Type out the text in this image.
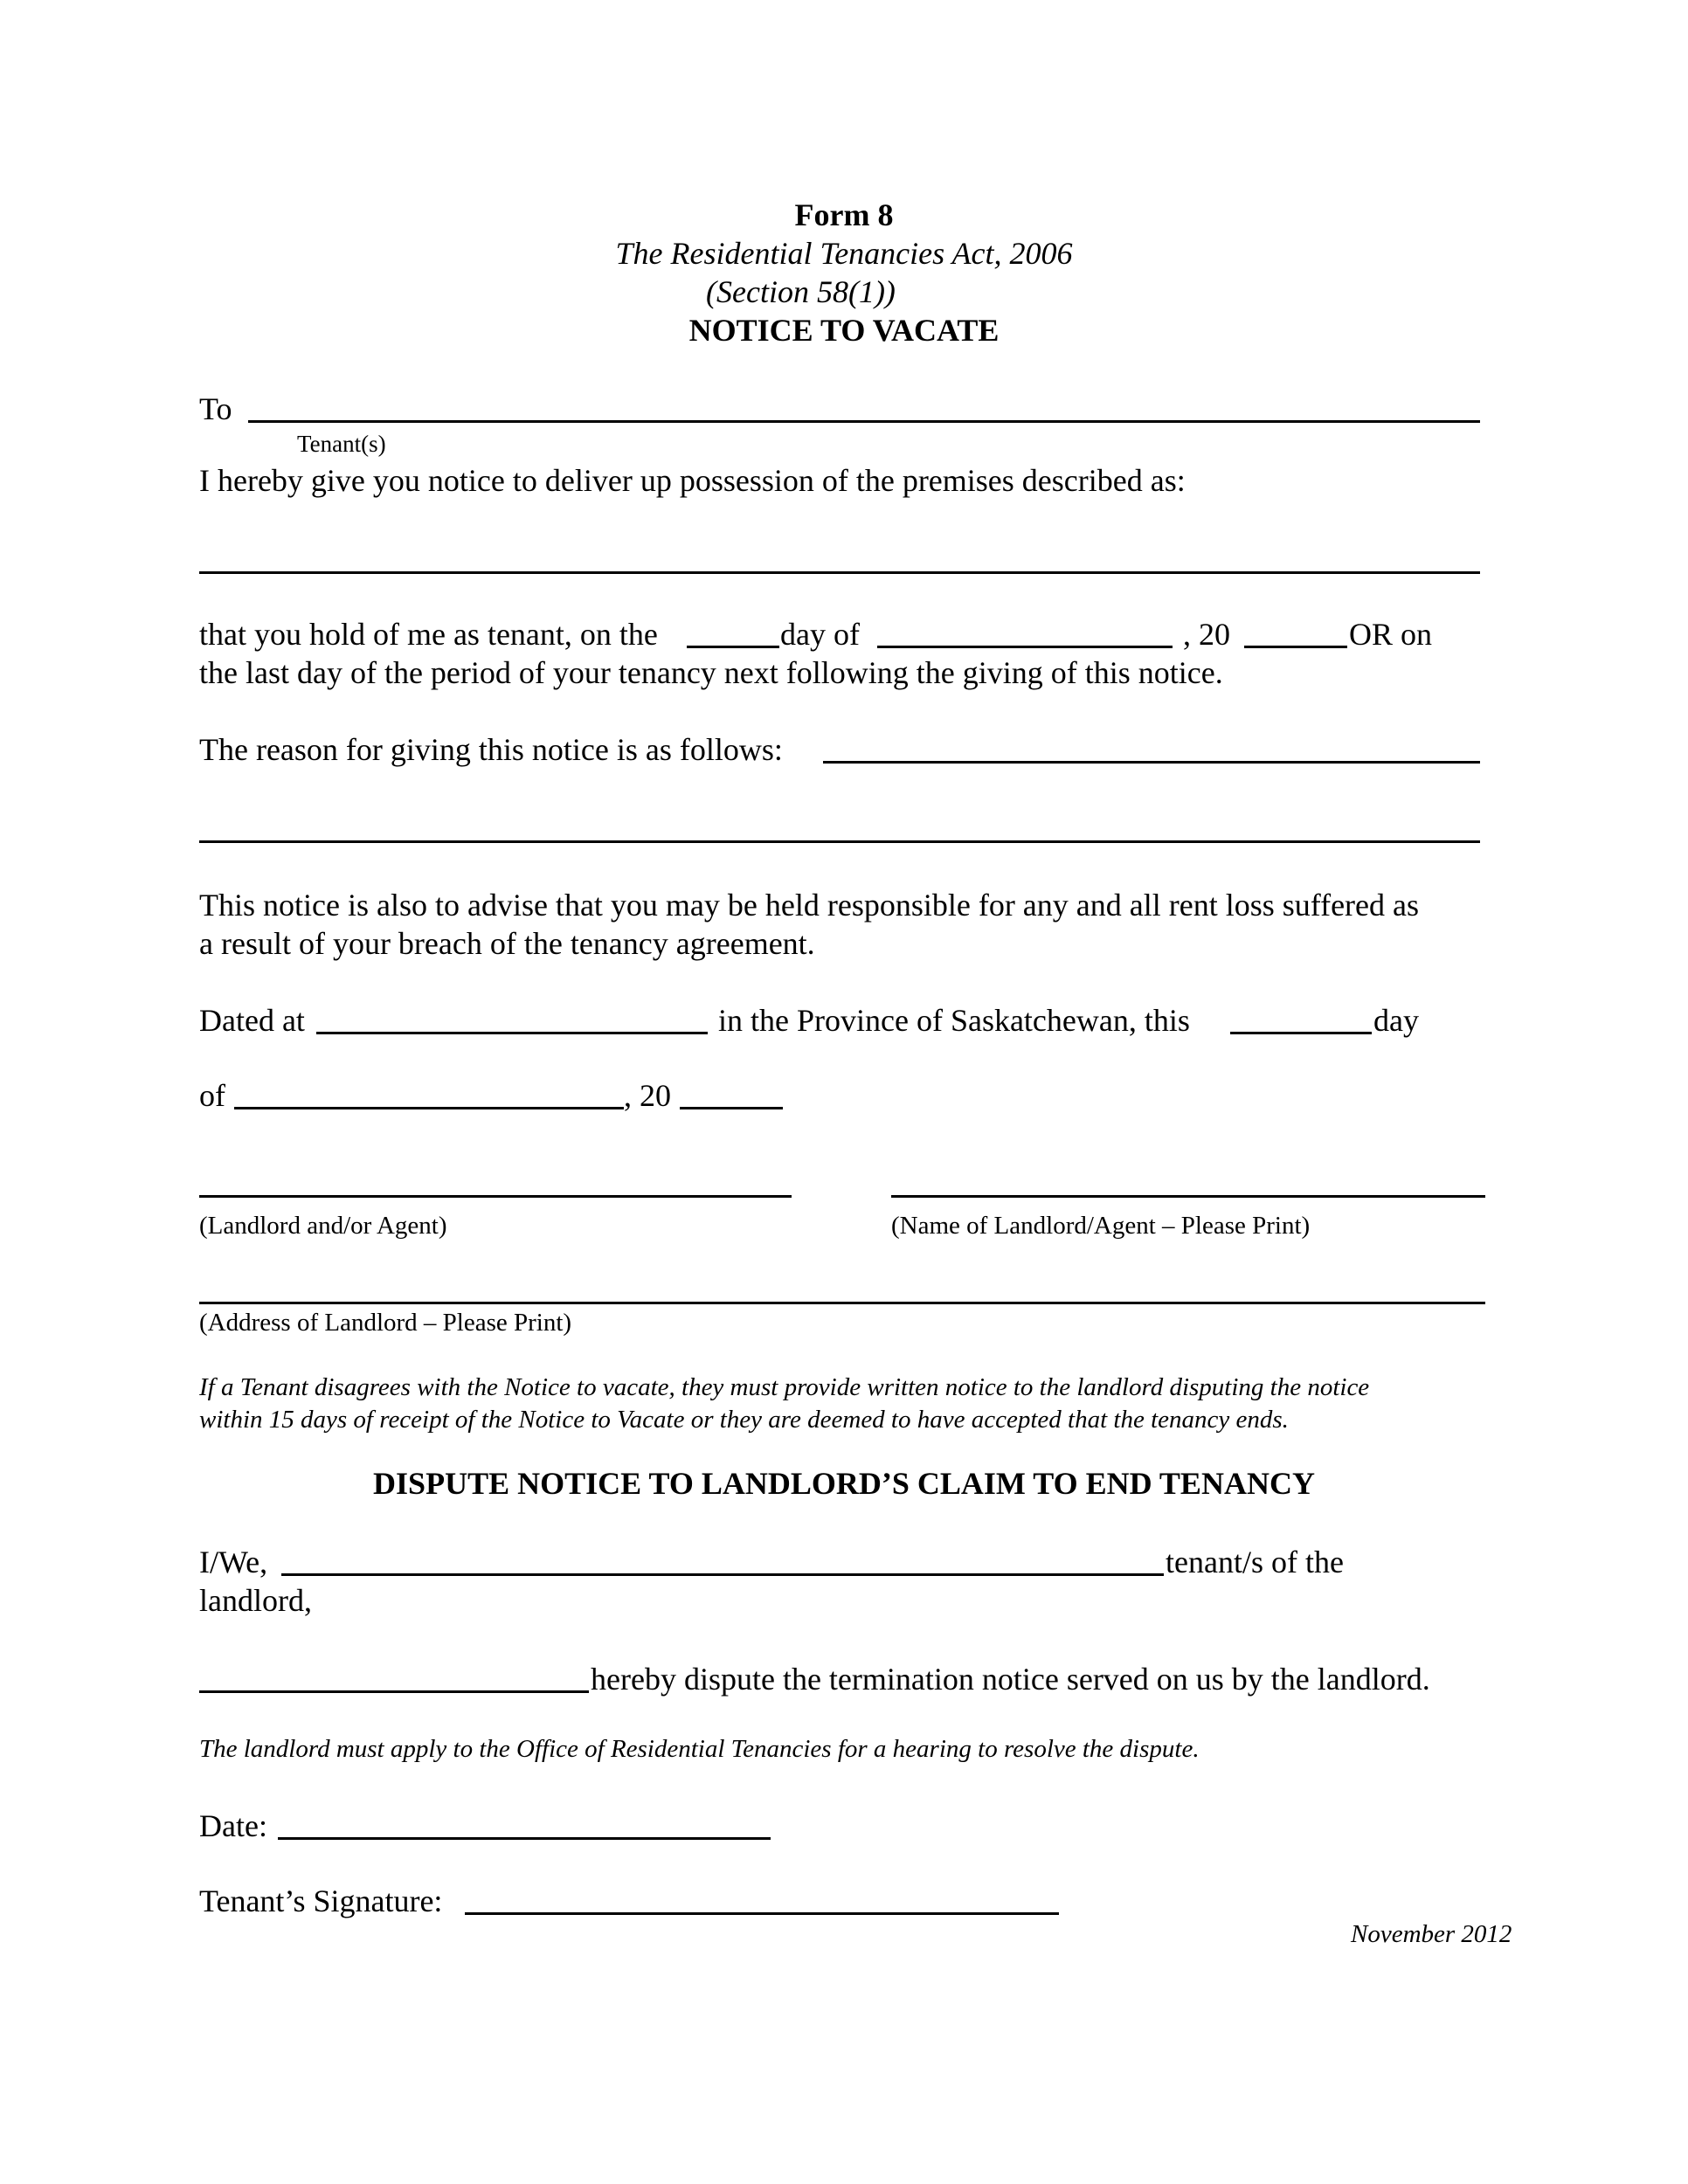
Form 8
The Residential Tenancies Act, 2006
(Section 58(1))
NOTICE TO VACATE
To
Tenant(s)
I hereby give you notice to deliver up possession of the premises described as:
that you hold of me as tenant, on the	day of	, 20	OR on
the last day of the period of your tenancy next following the giving of this notice.
The reason for giving this notice is as follows:
This notice is also to advise that you may be held responsible for any and all rent loss suffered as
a result of your breach of the tenancy agreement.
Dated at	in the Province of Saskatchewan, this	day
of	, 20
(Landlord and/or Agent)	(Name of Landlord/Agent – Please Print)
(Address of Landlord – Please Print)
If a Tenant disagrees with the Notice to vacate, they must provide written notice to the landlord disputing the notice
within 15 days of receipt of the Notice to Vacate or they are deemed to have accepted that the tenancy ends.
DISPUTE NOTICE TO LANDLORD’S CLAIM TO END TENANCY
I/We,	tenant/s of the
landlord,
hereby dispute the termination notice served on us by the landlord.
The landlord must apply to the Office of Residential Tenancies for a hearing to resolve the dispute.
Date:
Tenant’s Signature:
November 2012
